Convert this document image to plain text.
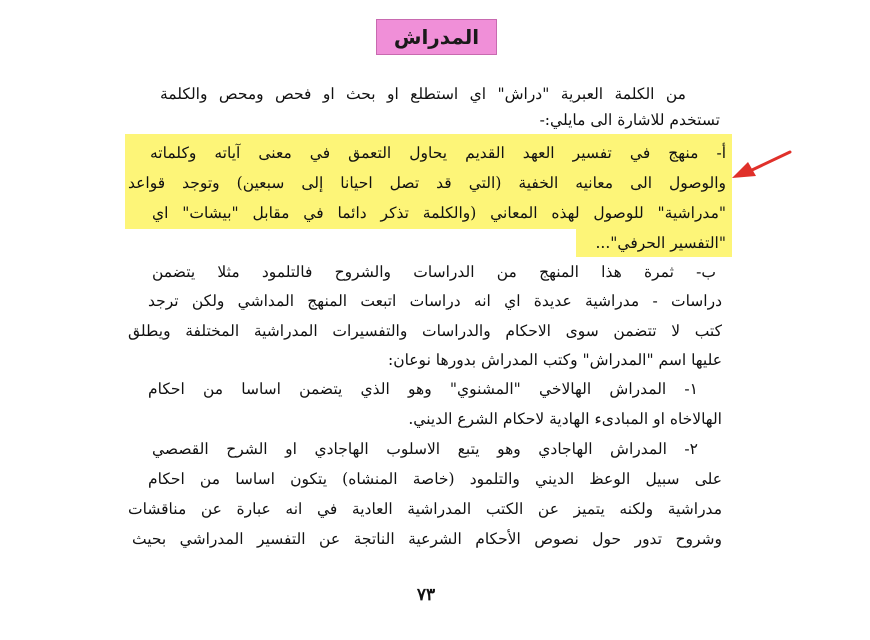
المدراش
من الكلمة العبرية "دراش" اي استطلع او بحث او فحص ومحص والكلمة
تستخدم للاشارة الى مايلي:-
أ- منهج في تفسير العهد القديم يحاول التعمق في معنى آياته وكلماته
والوصول الى معانيه الخفية (التي قد تصل احيانا إلى سبعين) وتوجد قواعد
"مدراشية" للوصول لهذه المعاني (والكلمة تذكر دائما في مقابل "بيشات" اي
"التفسير الحرفي"...
ب- ثمرة هذا المنهج من الدراسات والشروح فالتلمود مثلا يتضمن
دراسات - مدراشية عديدة اي انه دراسات اتبعت المنهج المداشي ولكن ترجد
كتب لا تتضمن سوى الاحكام والدراسات والتفسيرات المدراشية المختلفة ويطلق
عليها اسم "المدراش" وكتب المدراش بدورها نوعان:
١- المدراش الهالاخي "المشنوي" وهو الذي يتضمن اساسا من احكام
الهالاخاه او المبادىء الهادية لاحكام الشرع الديني.
٢- المدراش الهاجادي وهو يتبع الاسلوب الهاجادي او الشرح القصصي
على سبيل الوعظ الديني والتلمود (خاصة المنشاه) يتكون اساسا من احكام
مدراشية ولكنه يتميز عن الكتب المدراشية العادية في انه عبارة عن مناقشات
وشروح تدور حول نصوص الأحكام الشرعية الناتجة عن التفسير المدراشي بحيث
٧٣
